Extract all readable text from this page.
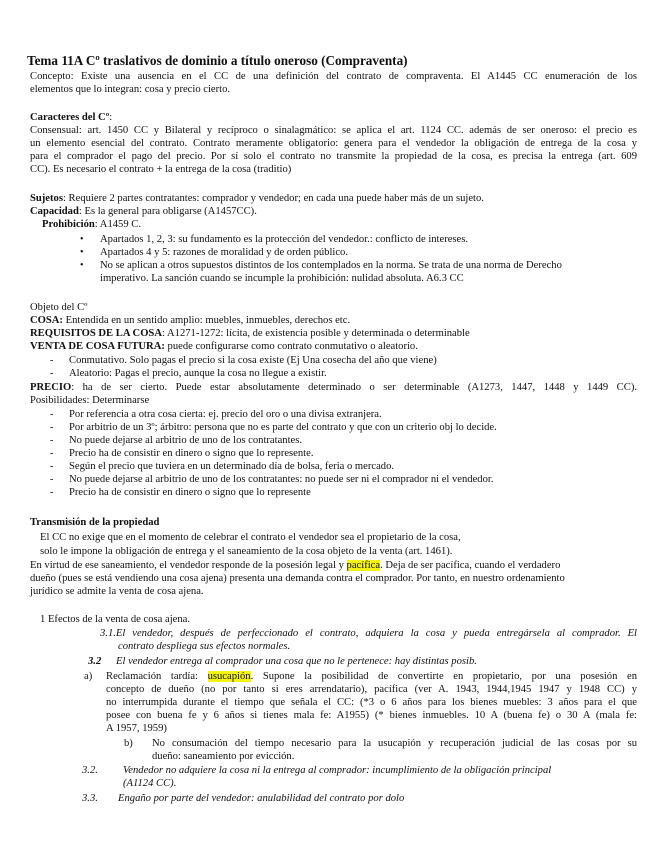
Tema 11A Cº traslativos de dominio a título oneroso (Compraventa)
Concepto: Existe una ausencia en el CC de una definición del contrato de compraventa. El A1445 CC enumeración de los
elementos que lo integran: cosa y precio cierto.
Caracteres del Cº:
Consensual: art. 1450 CC y Bilateral y recíproco o sinalagmático: se aplica el art. 1124 CC. además de ser oneroso: el precio es
un elemento esencial del contrato. Contrato meramente obligatorio: genera para el vendedor la obligación de entrega de la cosa y
para el comprador el pago del precio. Por sí solo el contrato no transmite la propiedad de la cosa, es precisa la entrega (art. 609
CC). Es necesario el contrato + la entrega de la cosa (traditio)
Sujetos: Requiere 2 partes contratantes: comprador y vendedor; en cada una puede haber más de un sujeto.
Capacidad: Es la general para obligarse (A1457CC).
Prohibición: A1459 C.
• Apartados 1, 2, 3: su fundamento es la protección del vendedor.: conflicto de intereses.
• Apartados 4 y 5: razones de moralidad y de orden público.
• No se aplican a otros supuestos distintos de los contemplados en la norma. Se trata de una norma de Derecho
imperativo. La sanción cuando se incumple la prohibición: nulidad absoluta. A6.3 CC
Objeto del Cº
COSA: Entendida en un sentido amplio: muebles, inmuebles, derechos etc.
REQUISITOS DE LA COSA: A1271-1272: lícita, de existencia posible y determinada o determinable
VENTA DE COSA FUTURA: puede configurarse como contrato conmutativo o aleatorio.
- Conmutativo. Solo pagas el precio si la cosa existe (Ej Una cosecha del año que viene)
- Aleatorio: Pagas el precio, aunque la cosa no llegue a existir.
PRECIO: ha de ser cierto. Puede estar absolutamente determinado o ser determinable (A1273, 1447, 1448 y 1449 CC).
Posibilidades: Determinarse
- Por referencia a otra cosa cierta: ej. precio del oro o una divisa extranjera.
- Por arbitrio de un 3º; árbitro: persona que no es parte del contrato y que con un criterio obj lo decide.
- No puede dejarse al arbitrio de uno de los contratantes.
- Precio ha de consistir en dinero o signo que lo represente.
- Según el precio que tuviera en un determinado día de bolsa, feria o mercado.
- No puede dejarse al arbitrio de uno de los contratantes: no puede ser ni el comprador ni el vendedor.
- Precio ha de consistir en dinero o signo que lo represente
Transmisión de la propiedad
El CC no exige que en el momento de celebrar el contrato el vendedor sea el propietario de la cosa,
solo le impone la obligación de entrega y el saneamiento de la cosa objeto de la venta (art. 1461).
En virtud de ese saneamiento, el vendedor responde de la posesión legal y pacífica. Deja de ser pacífica, cuando el verdadero
dueño (pues se está vendiendo una cosa ajena) presenta una demanda contra el comprador. Por tanto, en nuestro ordenamiento
jurídico se admite la venta de cosa ajena.
1 Efectos de la venta de cosa ajena.
3.1.El vendedor, después de perfeccionado el contrato, adquiera la cosa y pueda entregársela al comprador. El
contrato despliega sus efectos normales.
3.2 El vendedor entrega al comprador una cosa que no le pertenece: hay distintas posib.
a) Reclamación tardía: usucapión. Supone la posibilidad de convertirte en propietario, por una posesión en
concepto de dueño (no por tanto si eres arrendatario), pacífica (ver A. 1943, 1944,1945 1947 y 1948 CC) y
no interrumpida durante el tiempo que señala el CC: (*3 o 6 años para los bienes muebles: 3 años para el que
posee con buena fe y 6 años si tienes mala fe: A1955) (* bienes inmuebles. 10 A (buena fe) o 30 A (mala fe:
A 1957, 1959)
b) No consumación del tiempo necesario para la usucapión y recuperación judicial de las cosas por su
dueño: saneamiento por evicción.
3.2. Vendedor no adquiere la cosa ni la entrega al comprador: incumplimiento de la obligación principal
(A1124 CC).
3.3. Engaño por parte del vendedor: anulabilidad del contrato por dolo
